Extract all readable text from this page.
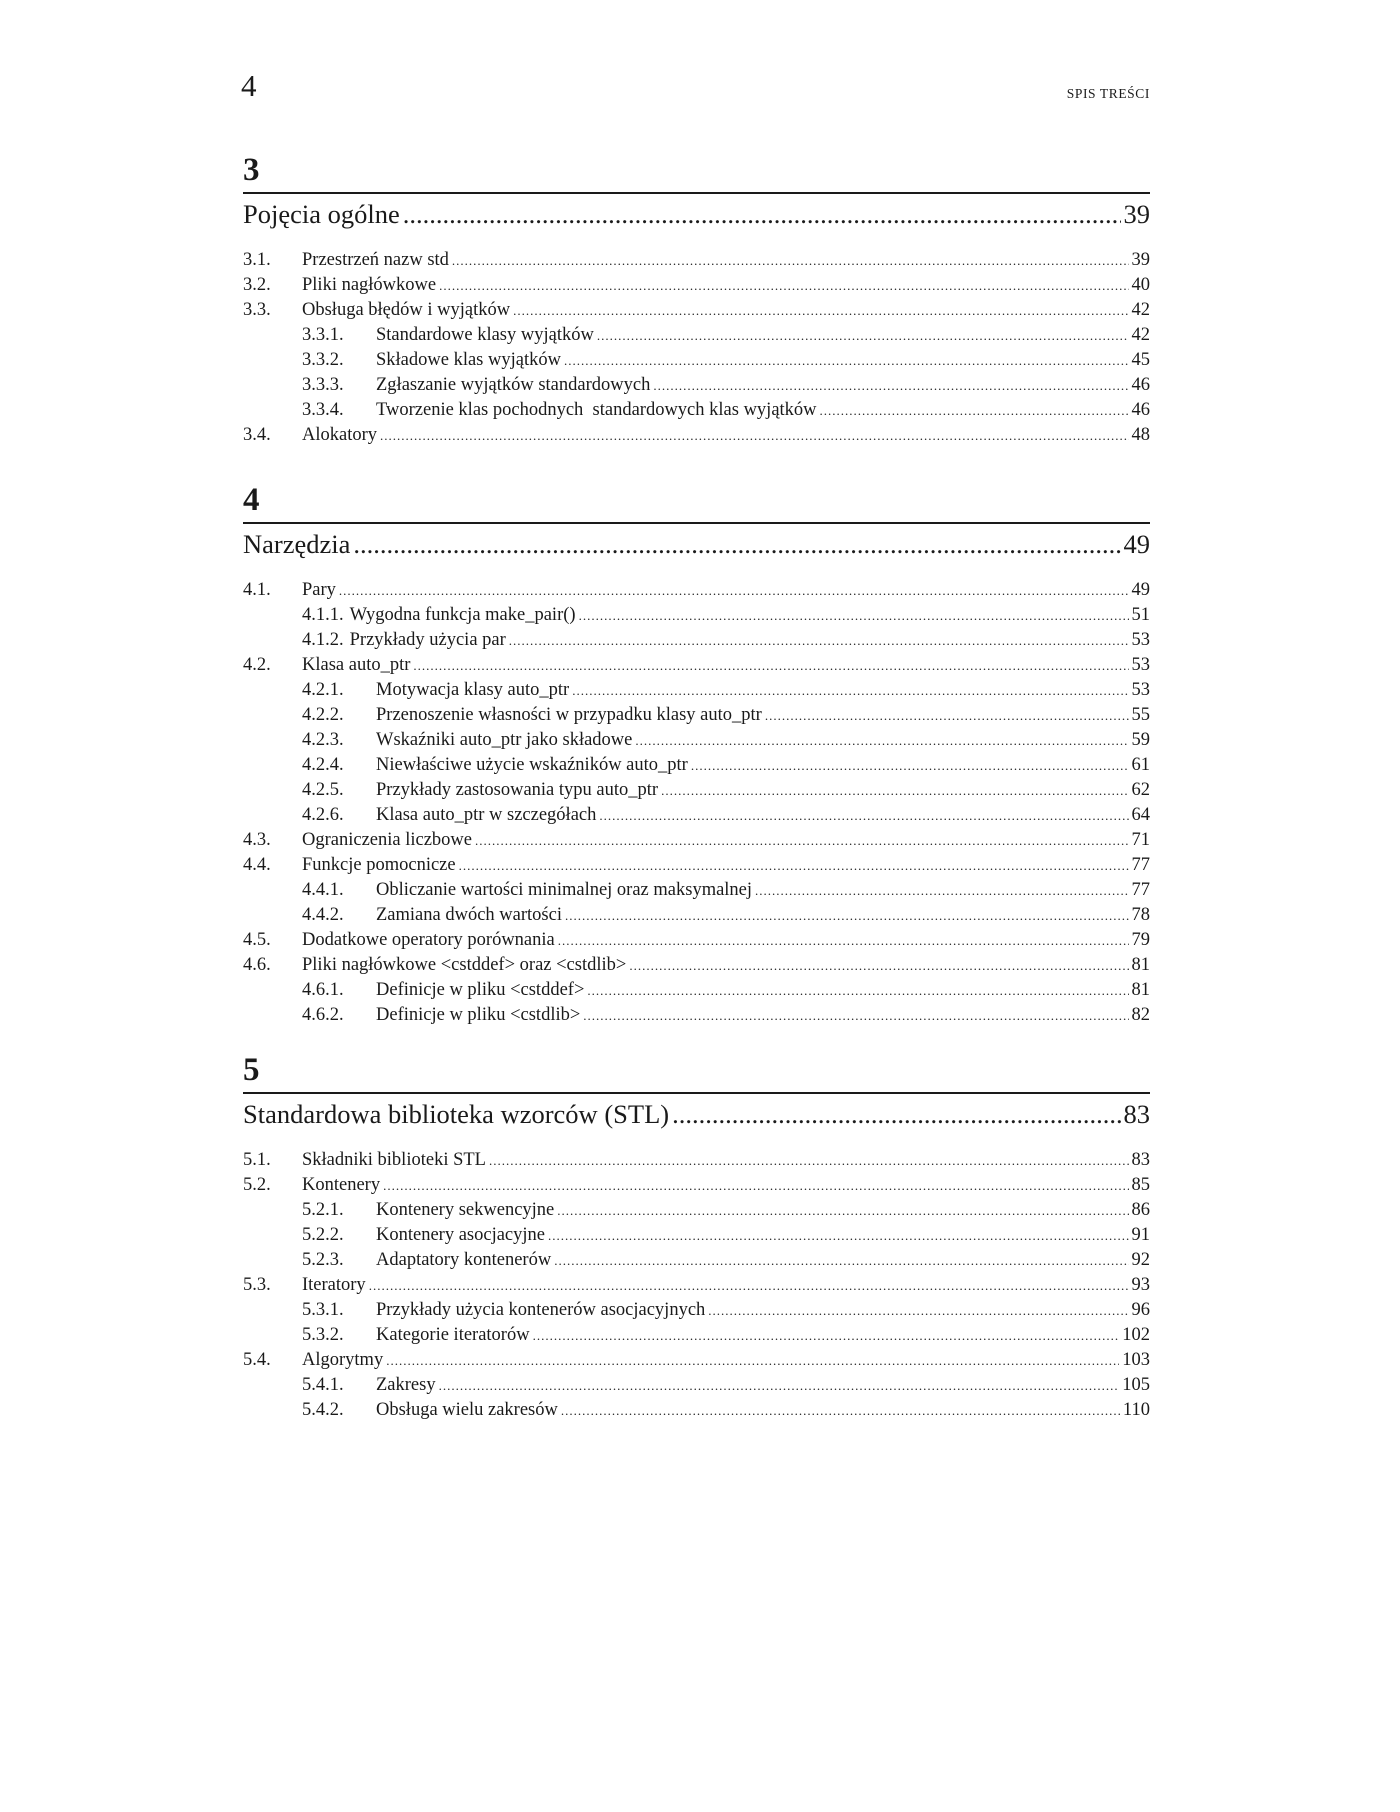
4	SPIS TREŚCI
3
Pojęcia ogólne .....	39
3.1.	Przestrzeń nazw std .....	39
3.2.	Pliki nagłówkowe .....	40
3.3.	Obsługa błędów i wyjątków .....	42
3.3.1.	Standardowe klasy wyjątków .....	42
3.3.2.	Składowe klas wyjątków .....	45
3.3.3.	Zgłaszanie wyjątków standardowych .....	46
3.3.4.	Tworzenie klas pochodnych  standardowych klas wyjątków .....	46
3.4.	Alokatory .....	48
4
Narzędzia .....	49
4.1.	Pary .....	49
4.1.1. Wygodna funkcja make_pair() .....	51
4.1.2. Przykłady użycia par .....	53
4.2.	Klasa auto_ptr .....	53
4.2.1.	Motywacja klasy auto_ptr .....	53
4.2.2.	Przenoszenie własności w przypadku klasy auto_ptr .....	55
4.2.3.	Wskaźniki auto_ptr jako składowe .....	59
4.2.4.	Niewłaściwe użycie wskaźników auto_ptr .....	61
4.2.5.	Przykłady zastosowania typu auto_ptr .....	62
4.2.6.	Klasa auto_ptr w szczegółach .....	64
4.3.	Ograniczenia liczbowe .....	71
4.4.	Funkcje pomocnicze .....	77
4.4.1.	Obliczanie wartości minimalnej oraz maksymalnej .....	77
4.4.2.	Zamiana dwóch wartości .....	78
4.5.	Dodatkowe operatory porównania .....	79
4.6.	Pliki nagłówkowe <cstddef> oraz <cstdlib> .....	81
4.6.1.	Definicje w pliku <cstddef> .....	81
4.6.2.	Definicje w pliku <cstdlib> .....	82
5
Standardowa biblioteka wzorców (STL) .....	83
5.1.	Składniki biblioteki STL .....	83
5.2.	Kontenery .....	85
5.2.1.	Kontenery sekwencyjne .....	86
5.2.2.	Kontenery asocjacyjne .....	91
5.2.3.	Adaptatory kontenerów .....	92
5.3.	Iteratory .....	93
5.3.1.	Przykłady użycia kontenerów asocjacyjnych .....	96
5.3.2.	Kategorie iteratorów .....	102
5.4.	Algorytmy .....	103
5.4.1.	Zakresy .....	105
5.4.2.	Obsługa wielu zakresów .....	110
